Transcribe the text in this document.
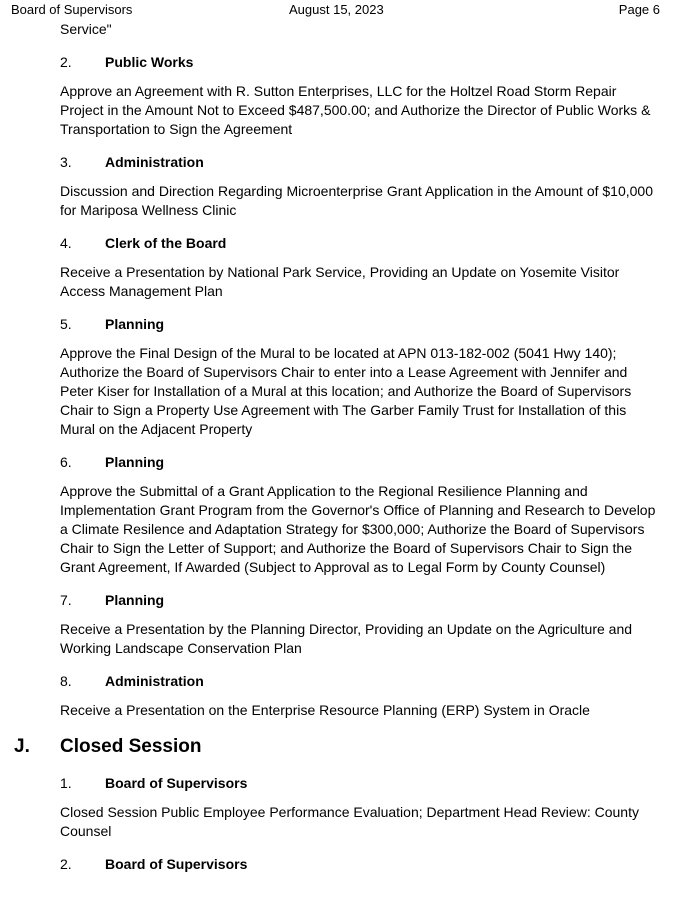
Board of Supervisors	August 15, 2023	Page 6

Service"

2. Public Works

Approve an Agreement with R. Sutton Enterprises, LLC for the Holtzel Road Storm Repair Project in the Amount Not to Exceed $487,500.00; and Authorize the Director of Public Works & Transportation to Sign the Agreement

3. Administration

Discussion and Direction Regarding Microenterprise Grant Application in the Amount of $10,000 for Mariposa Wellness Clinic

4. Clerk of the Board

Receive a Presentation by National Park Service, Providing an Update on Yosemite Visitor Access Management Plan

5. Planning

Approve the Final Design of the Mural to be located at APN 013-182-002 (5041 Hwy 140); Authorize the Board of Supervisors Chair to enter into a Lease Agreement with Jennifer and Peter Kiser for Installation of a Mural at this location; and Authorize the Board of Supervisors Chair to Sign a Property Use Agreement with The Garber Family Trust for Installation of this Mural on the Adjacent Property

6. Planning

Approve the Submittal of a Grant Application to the Regional Resilience Planning and Implementation Grant Program from the Governor's Office of Planning and Research to Develop a Climate Resilence and Adaptation Strategy for $300,000; Authorize the Board of Supervisors Chair to Sign the Letter of Support; and Authorize the Board of Supervisors Chair to Sign the Grant Agreement, If Awarded (Subject to Approval as to Legal Form by County Counsel)

7. Planning

Receive a Presentation by the Planning Director, Providing an Update on the Agriculture and Working Landscape Conservation Plan

8. Administration

Receive a Presentation on the Enterprise Resource Planning (ERP) System in Oracle

J. Closed Session
1. Board of Supervisors

Closed Session Public Employee Performance Evaluation; Department Head Review: County Counsel

2. Board of Supervisors
